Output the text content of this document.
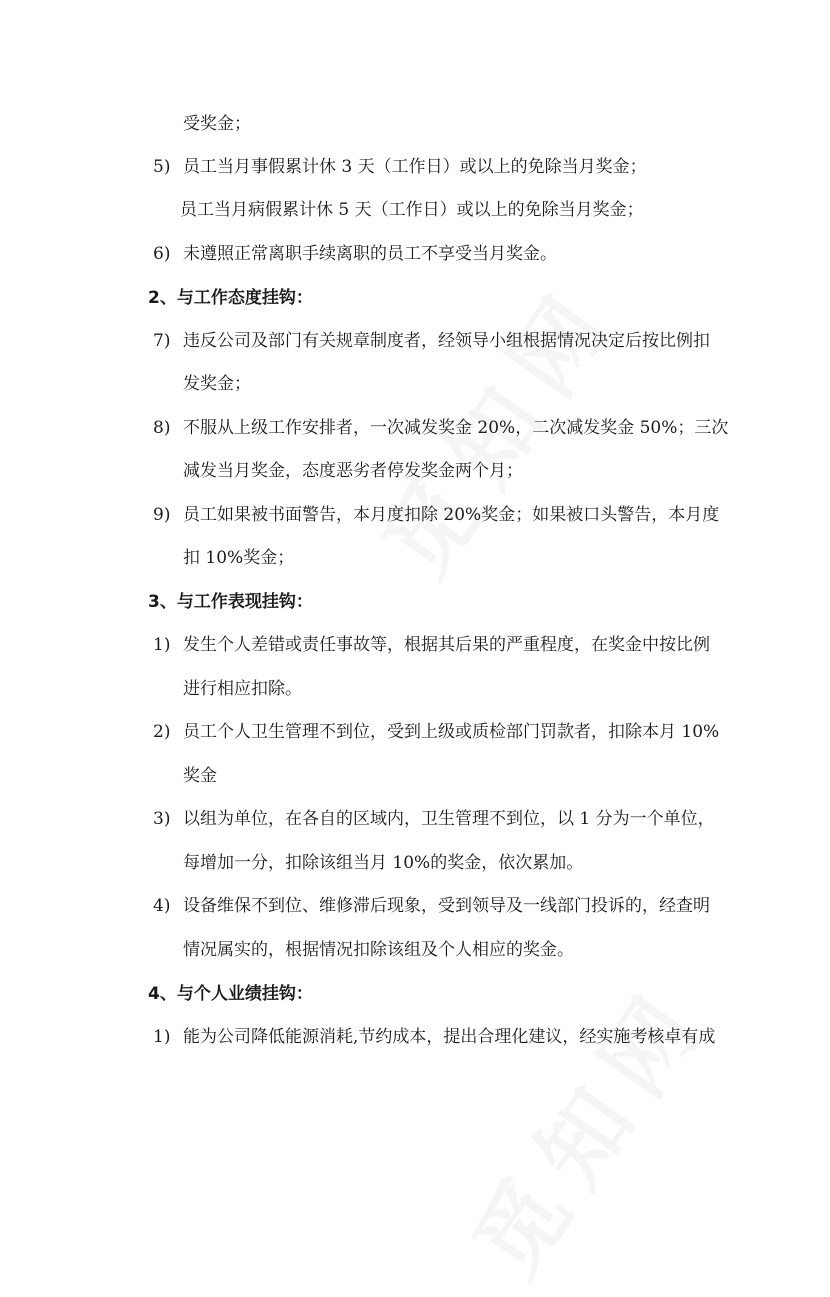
受奖金；
5) 员工当月事假累计休 3 天（工作日）或以上的免除当月奖金；
员工当月病假累计休 5 天（工作日）或以上的免除当月奖金；
6) 未遵照正常离职手续离职的员工不享受当月奖金。
2、与工作态度挂钩：
7) 违反公司及部门有关规章制度者，经领导小组根据情况决定后按比例扣
发奖金；
8) 不服从上级工作安排者，一次减发奖金 20%，二次减发奖金 50%；三次
减发当月奖金，态度恶劣者停发奖金两个月；
9) 员工如果被书面警告，本月度扣除 20%奖金；如果被口头警告，本月度
扣 10%奖金；
3、与工作表现挂钩：
1) 发生个人差错或责任事故等，根据其后果的严重程度，在奖金中按比例
进行相应扣除。
2) 员工个人卫生管理不到位，受到上级或质检部门罚款者，扣除本月 10%
奖金
3) 以组为单位，在各自的区域内，卫生管理不到位，以 1 分为一个单位，
每增加一分，扣除该组当月 10%的奖金，依次累加。
4) 设备维保不到位、维修滞后现象，受到领导及一线部门投诉的，经查明
情况属实的，根据情况扣除该组及个人相应的奖金。
4、与个人业绩挂钩：
1) 能为公司降低能源消耗,节约成本，提出合理化建议，经实施考核卓有成
